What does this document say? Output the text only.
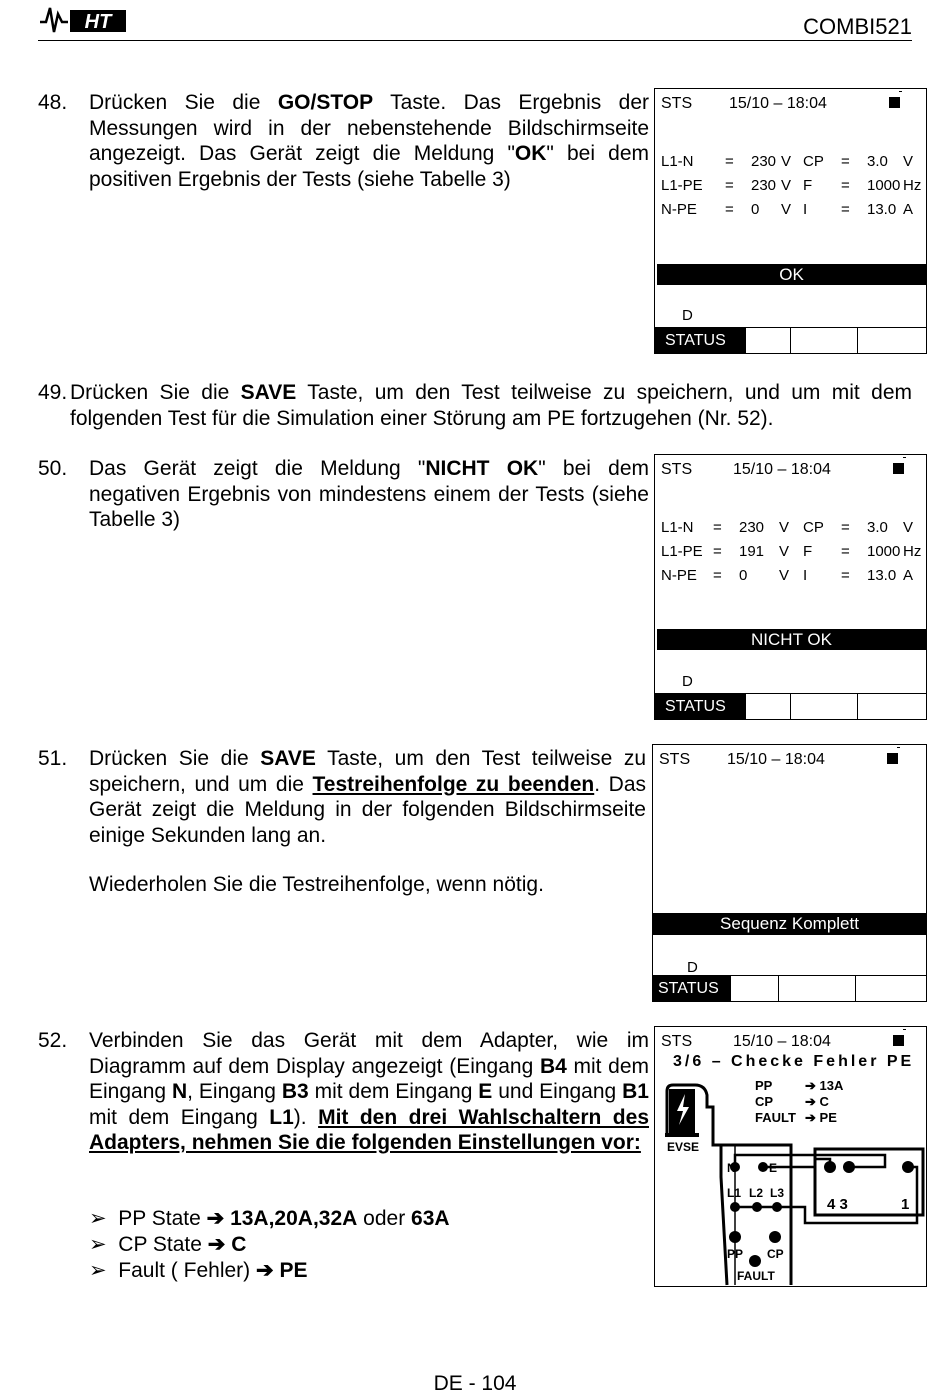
HT	COMBI521
48. Drücken Sie die GO/STOP Taste. Das Ergebnis der Messungen wird in der nebenstehende Bildschirmseite angezeigt. Das Gerät zeigt die Meldung "OK" bei dem positiven Ergebnis der Tests (siehe Tabelle 3)
STS 15/10 – 18:04
L1-N = 230 V CP = 3.0 V
L1-PE = 230 V F = 1000 Hz
N-PE = 0 V I = 13.0 A
OK
D
STATUS
49. Drücken Sie die SAVE Taste, um den Test teilweise zu speichern, und um mit dem folgenden Test für die Simulation einer Störung am PE fortzugehen (Nr. 52).
50. Das Gerät zeigt die Meldung "NICHT OK" bei dem negativen Ergebnis von mindestens einem der Tests (siehe Tabelle 3)
STS	15/10 – 18:04
L1-N = 230 V CP = 3.0 V
L1-PE = 191 V F = 1000 Hz
N-PE = 0 V I = 13.0 A
NICHT OK
D
STATUS
51. Drücken Sie die SAVE Taste, um den Test teilweise zu speichern, und um die Testreihenfolge zu beenden. Das Gerät zeigt die Meldung in der folgenden Bildschirmseite einige Sekunden lang an.
Wiederholen Sie die Testreihenfolge, wenn nötig.
STS 15/10 – 18:04
Sequenz Komplett
D
STATUS
52. Verbinden Sie das Gerät mit dem Adapter, wie im Diagramm auf dem Display angezeigt (Eingang B4 mit dem Eingang N, Eingang B3 mit dem Eingang E und Eingang B1 mit dem Eingang L1). Mit den drei Wahlschaltern des Adapters, nehmen Sie die folgenden Einstellungen vor:
➢ PP State ➔ 13A,20A,32A oder 63A
➢ CP State ➔ C
➢ Fault ( Fehler) ➔ PE
STS	15/10 – 18:04
3/6 – Checke Fehler PE
PP	➔ 13A
CP ➔ C
FAULT ➔ PE
EVSE
N	E
L1 L2 L3
PP CP
FAULT
4 3	1
DE - 104
